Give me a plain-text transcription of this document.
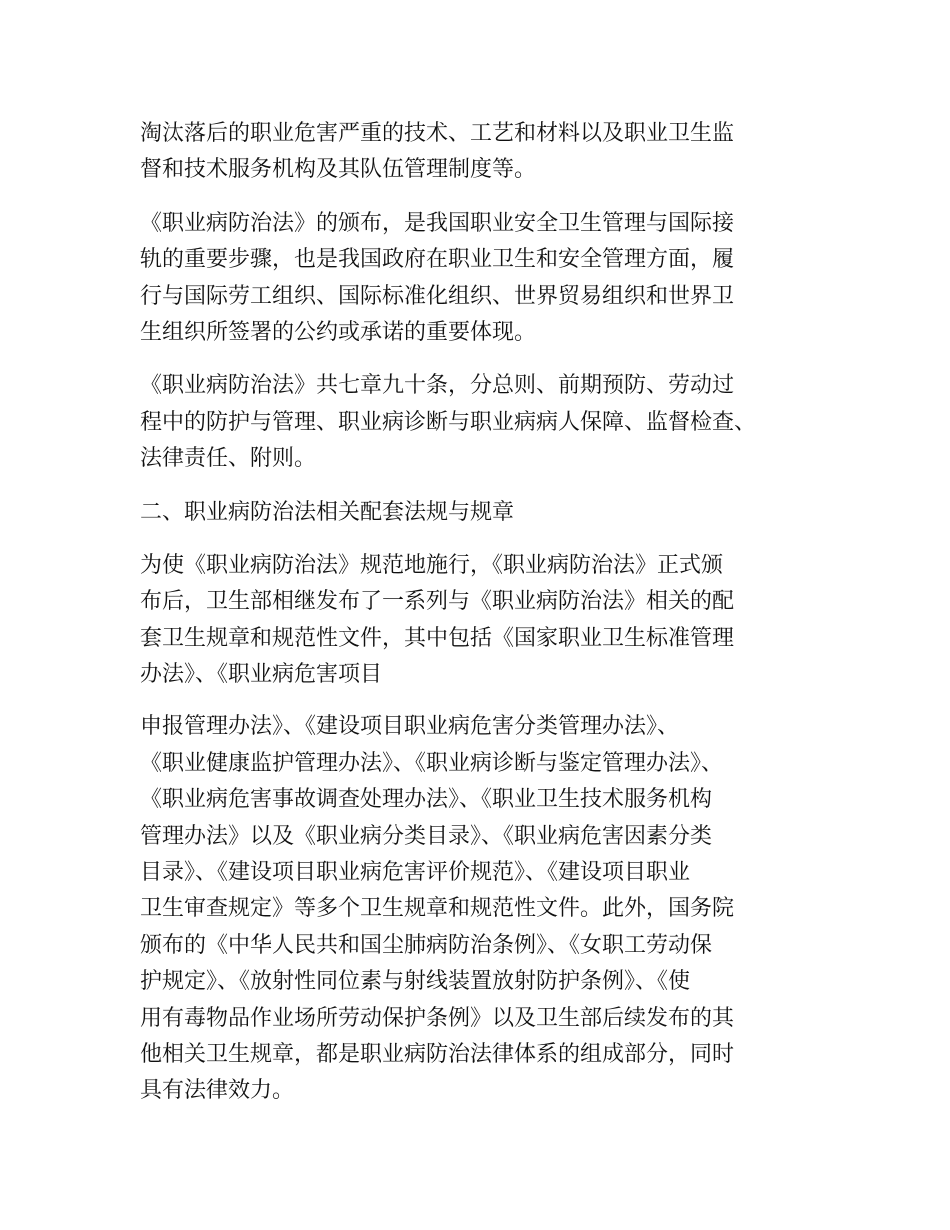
淘汰落后的职业危害严重的技术、工艺和材料以及职业卫生监
督和技术服务机构及其队伍管理制度等。

《职业病防治法》的颁布，是我国职业安全卫生管理与国际接
轨的重要步骤，也是我国政府在职业卫生和安全管理方面，履
行与国际劳工组织、国际标准化组织、世界贸易组织和世界卫
生组织所签署的公约或承诺的重要体现。

《职业病防治法》共七章九十条，分总则、前期预防、劳动过
程中的防护与管理、职业病诊断与职业病病人保障、监督检查、
法律责任、附则。

二、职业病防治法相关配套法规与规章

为使《职业病防治法》规范地施行，《职业病防治法》正式颁
布后，卫生部相继发布了一系列与《职业病防治法》相关的配
套卫生规章和规范性文件，其中包括《国家职业卫生标准管理
办法》、《职业病危害项目

申报管理办法》、《建设项目职业病危害分类管理办法》、
《职业健康监护管理办法》、《职业病诊断与鉴定管理办法》、
《职业病危害事故调查处理办法》、《职业卫生技术服务机构
管理办法》以及《职业病分类目录》、《职业病危害因素分类
目录》、《建设项目职业病危害评价规范》、《建设项目职业
卫生审查规定》等多个卫生规章和规范性文件。此外，国务院
颁布的《中华人民共和国尘肺病防治条例》、《女职工劳动保
护规定》、《放射性同位素与射线装置放射防护条例》、《使
用有毒物品作业场所劳动保护条例》以及卫生部后续发布的其
他相关卫生规章，都是职业病防治法律体系的组成部分，同时
具有法律效力。
